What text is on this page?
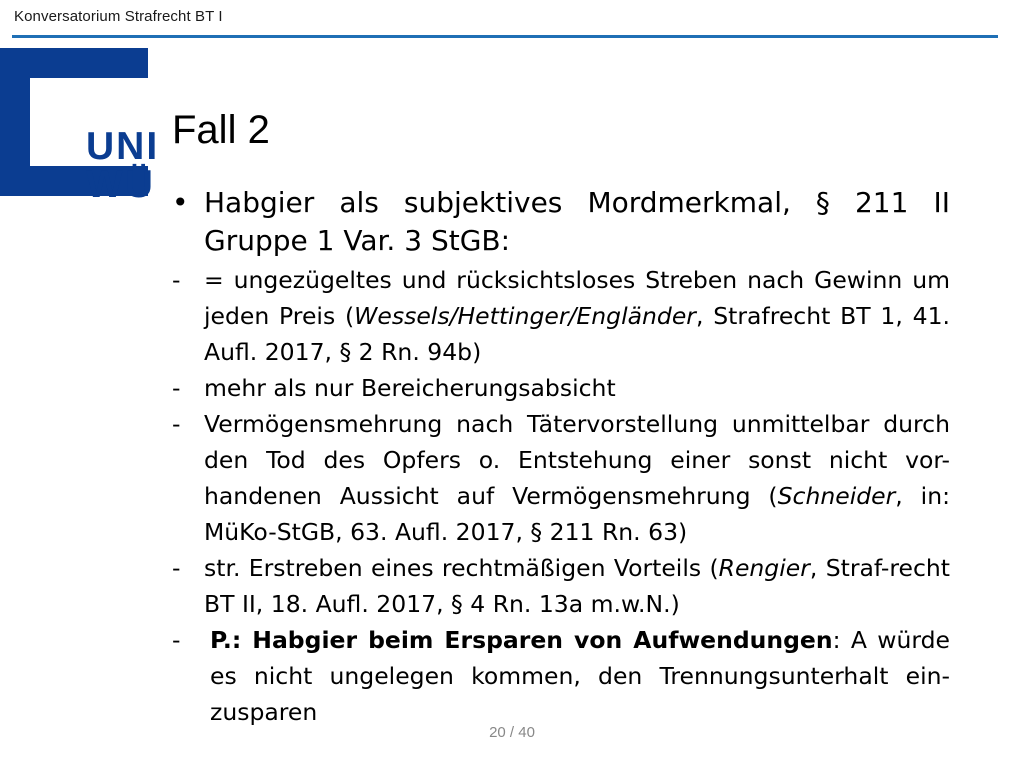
Konversatorium Strafrecht BT I
UNI
WÜ
Fall 2
• Habgier als subjektives Mordmerkmal, § 211 II Gruppe 1 Var. 3 StGB:
-	= ungezügeltes und rücksichtsloses Streben nach Gewinn um jeden Preis (Wessels/Hettinger/Engländer, Strafrecht BT 1, 41. Aufl. 2017, § 2 Rn. 94b)
-	mehr als nur Bereicherungsabsicht
-	Vermögensmehrung nach Tätervorstellung unmittelbar durch den Tod des Opfers o. Entstehung einer sonst nicht vor-handenen Aussicht auf Vermögensmehrung (Schneider, in: MüKo-StGB, 63. Aufl. 2017, § 211 Rn. 63)
-	str. Erstreben eines rechtmäßigen Vorteils (Rengier, Straf-recht BT II, 18. Aufl. 2017, § 4 Rn. 13a m.w.N.)
-	P.: Habgier beim Ersparen von Aufwendungen: A würde es nicht ungelegen kommen, den Trennungsunterhalt ein-zusparen
20 / 40
